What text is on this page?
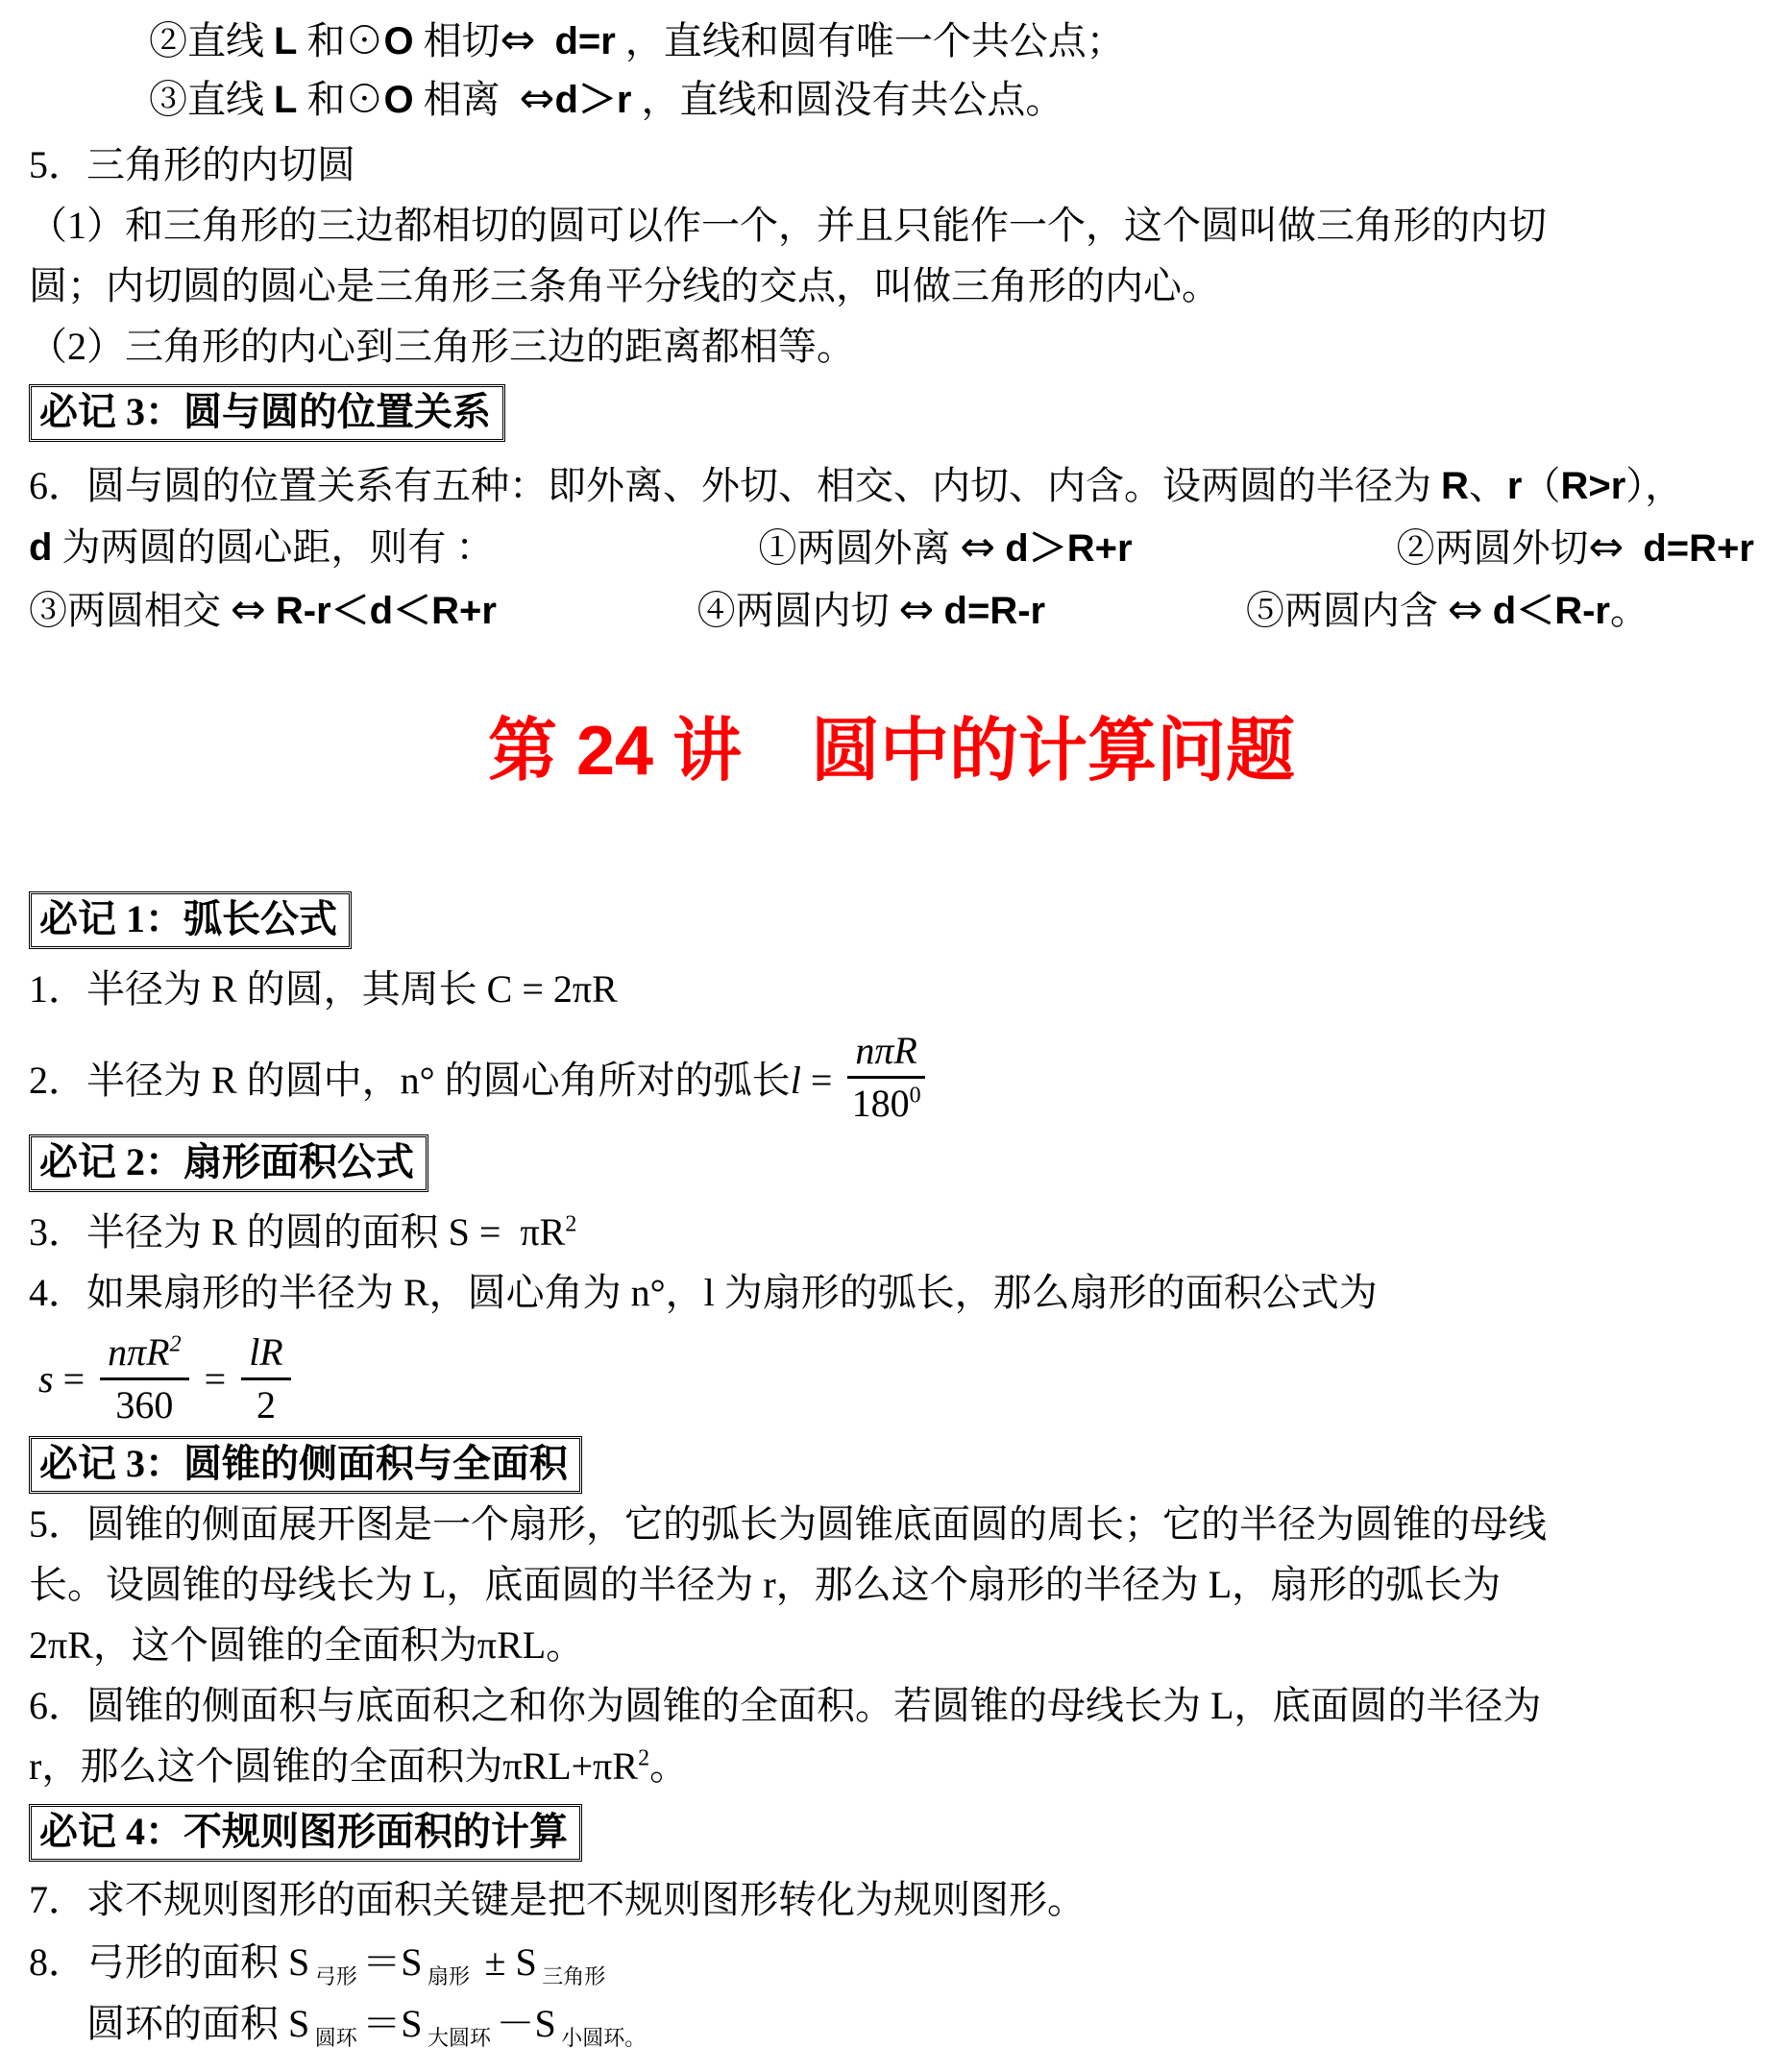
②直线 L 和⊙O 相切⇔ d=r ，直线和圆有唯一个共公点；

③直线 L 和⊙O 相离  ⇔d＞r ，直线和圆没有共公点。

5．三角形的内切圆

（1）和三角形的三边都相切的圆可以作一个，并且只能作一个，这个圆叫做三角形的内切

圆；内切圆的圆心是三角形三条角平分线的交点，叫做三角形的内心。

（2）三角形的内心到三角形三边的距离都相等。

必记 3：圆与圆的位置关系

6．圆与圆的位置关系有五种：即外离、外切、相交、内切、内含。设两圆的半径为 R、r（R>r），

d 为两圆的圆心距，则有 ：	①两圆外离 ⇔ d＞R+r	②两圆外切⇔ d=R+r
③两圆相交 ⇔ R-r＜d＜R+r	④两圆内切 ⇔ d=R-r	⑤两圆内含 ⇔ d＜R-r。
第 24 讲　圆中的计算问题
必记 1：弧长公式

1．半径为 R 的圆，其周长 C = 2πR

2．半径为 R 的圆中，n° 的圆心角所对的弧长$l = \frac{\text{nπR}}{180^0}$
必记 2：扇形面积公式

3．半径为 R 的圆的面积 $S = \pi R^2$

4．如果扇形的半径为 R，圆心角为 n°，l 为扇形的弧长，那么扇形的面积公式为

$s = \frac{n\pi R^2}{360} = \frac{lR}{2}$
必记 3：圆锥的侧面积与全面积

5．圆锥的侧面展开图是一个扇形，它的弧长为圆锥底面圆的周长；它的半径为圆锥的母线

长。设圆锥的母线长为 L，底面圆的半径为 r，那么这个扇形的半径为 L，扇形的弧长为

2πR，这个圆锥的全面积为πRL。

6．圆锥的侧面积与底面积之和你为圆锥的全面积。若圆锥的母线长为 L，底面圆的半径为

r，那么这个圆锥的全面积为$\pi RL+\pi R^2$。

必记 4：不规则图形面积的计算

7．求不规则图形的面积关键是把不规则图形转化为规则图形。

8．弓形的面积 S $_{弓形}$ ＝S $_{扇形}$  ± S $_{三角形}$

圆环的面积 S $_{圆环}$ ＝S $_{大圆环}$ －S $_{小圆环。}$
